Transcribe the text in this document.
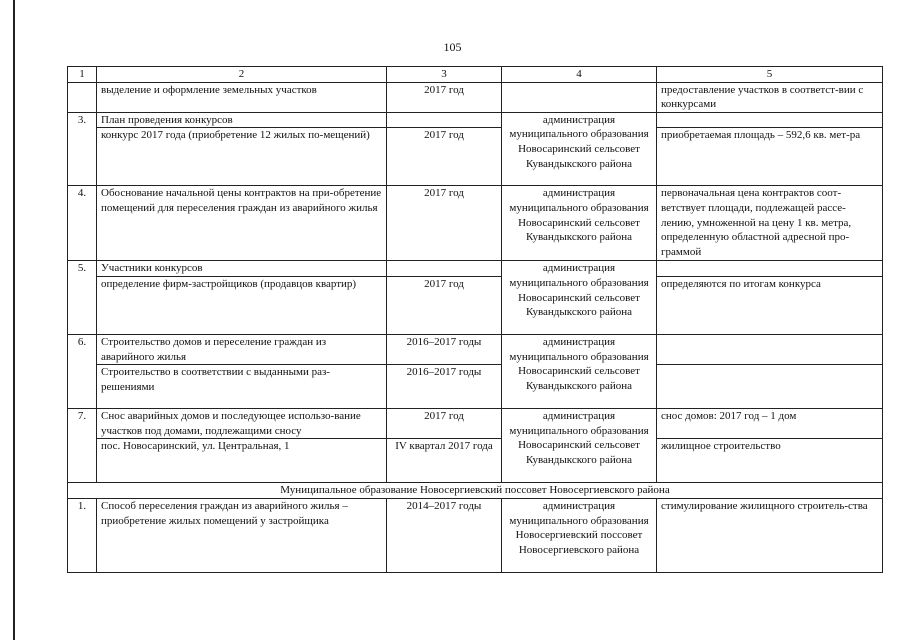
105
1	2	3	4	5
	выделение и оформление земельных участков	2017 год		предоставление участков в соответст-вии с конкурсами
3.	План проведения конкурсов		администрация муниципального образования Новосаринский сельсовет Кувандыкского района	
	конкурс 2017 года (приобретение 12 жилых по-мещений)	2017 год		приобретаемая площадь – 592,6 кв. мет-ра
4.	Обоснование начальной цены контрактов на при-обретение помещений для переселения граждан из аварийного жилья	2017 год	администрация муниципального образования Новосаринский сельсовет Кувандыкского района	первоначальная цена контрактов соот-ветствует площади, подлежащей рассе-лению, умноженной на цену 1 кв. метра, определенную областной адресной про-граммой
5.	Участники конкурсов		администрация муниципального образования Новосаринский сельсовет Кувандыкского района	
	определение фирм-застройщиков (продавцов квартир)	2017 год		определяются по итогам конкурса
6.	Строительство домов и переселение граждан из аварийного жилья	2016–2017 годы	администрация муниципального образования Новосаринский сельсовет Кувандыкского района	
	Строительство в соответствии с выданными раз-решениями	2016–2017 годы		
7.	Снос аварийных домов и последующее использо-вание участков под домами, подлежащими сносу	2017 год	администрация муниципального образования Новосаринский сельсовет Кувандыкского района	снос домов: 2017 год – 1 дом
	пос. Новосаринский, ул. Центральная, 1	IV квартал 2017 года		жилищное строительство
Муниципальное образование Новосергиевский поссовет Новосергиевского района				
1.	Способ переселения граждан из аварийного жилья – приобретение жилых помещений у застройщика	2014–2017 годы	администрация муниципального образования Новосергиевский поссовет Новосергиевского района	стимулирование жилищного строитель-ства
